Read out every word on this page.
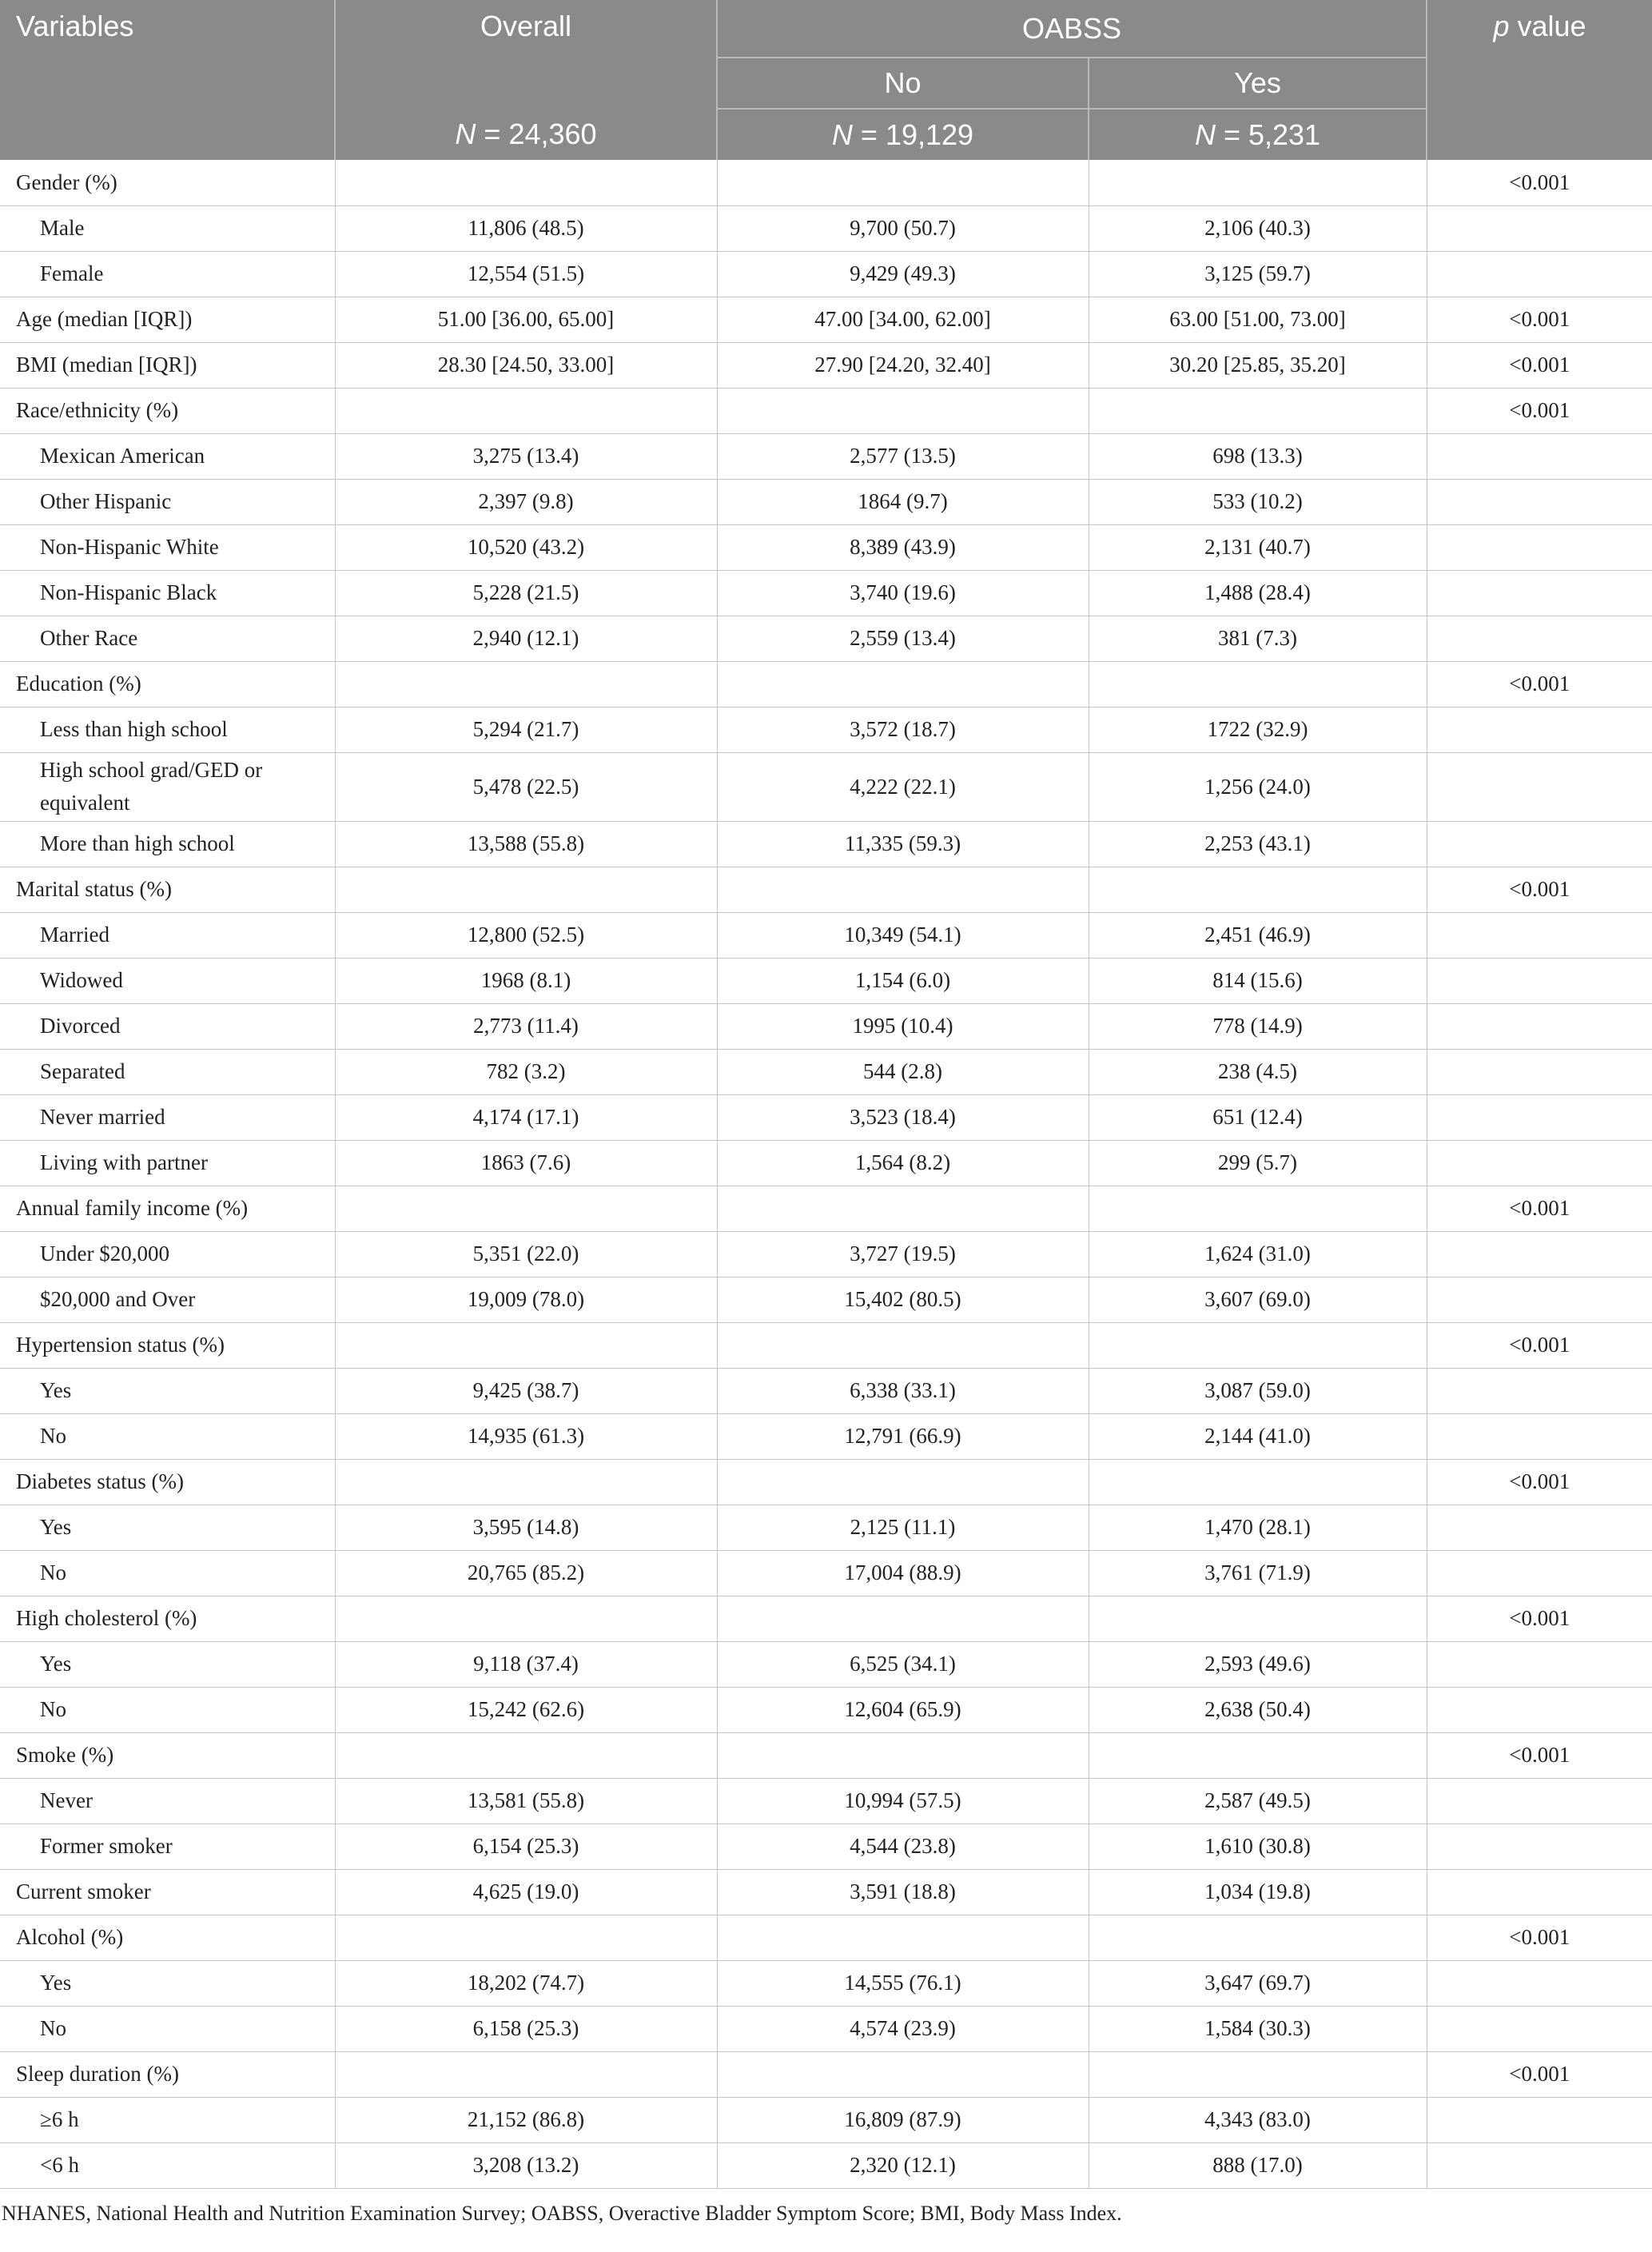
Variables	Overall	OABSS		p value
		No	Yes	
	N = 24,360	N = 19,129	N = 5,231	
Gender (%)				<0.001
Male	11,806 (48.5)	9,700 (50.7)	2,106 (40.3)	
Female	12,554 (51.5)	9,429 (49.3)	3,125 (59.7)	
Age (median [IQR])	51.00 [36.00, 65.00]	47.00 [34.00, 62.00]	63.00 [51.00, 73.00]	<0.001
BMI (median [IQR])	28.30 [24.50, 33.00]	27.90 [24.20, 32.40]	30.20 [25.85, 35.20]	<0.001
Race/ethnicity (%)				<0.001
Mexican American	3,275 (13.4)	2,577 (13.5)	698 (13.3)	
Other Hispanic	2,397 (9.8)	1864 (9.7)	533 (10.2)	
Non-Hispanic White	10,520 (43.2)	8,389 (43.9)	2,131 (40.7)	
Non-Hispanic Black	5,228 (21.5)	3,740 (19.6)	1,488 (28.4)	
Other Race	2,940 (12.1)	2,559 (13.4)	381 (7.3)	
Education (%)				<0.001
Less than high school	5,294 (21.7)	3,572 (18.7)	1722 (32.9)	
High school grad/GED or equivalent	5,478 (22.5)	4,222 (22.1)	1,256 (24.0)	
More than high school	13,588 (55.8)	11,335 (59.3)	2,253 (43.1)	
Marital status (%)				<0.001
Married	12,800 (52.5)	10,349 (54.1)	2,451 (46.9)	
Widowed	1968 (8.1)	1,154 (6.0)	814 (15.6)	
Divorced	2,773 (11.4)	1995 (10.4)	778 (14.9)	
Separated	782 (3.2)	544 (2.8)	238 (4.5)	
Never married	4,174 (17.1)	3,523 (18.4)	651 (12.4)	
Living with partner	1863 (7.6)	1,564 (8.2)	299 (5.7)	
Annual family income (%)				<0.001
Under $20,000	5,351 (22.0)	3,727 (19.5)	1,624 (31.0)	
$20,000 and Over	19,009 (78.0)	15,402 (80.5)	3,607 (69.0)	
Hypertension status (%)				<0.001
Yes	9,425 (38.7)	6,338 (33.1)	3,087 (59.0)	
No	14,935 (61.3)	12,791 (66.9)	2,144 (41.0)	
Diabetes status (%)				<0.001
Yes	3,595 (14.8)	2,125 (11.1)	1,470 (28.1)	
No	20,765 (85.2)	17,004 (88.9)	3,761 (71.9)	
High cholesterol (%)				<0.001
Yes	9,118 (37.4)	6,525 (34.1)	2,593 (49.6)	
No	15,242 (62.6)	12,604 (65.9)	2,638 (50.4)	
Smoke (%)				<0.001
Never	13,581 (55.8)	10,994 (57.5)	2,587 (49.5)	
Former smoker	6,154 (25.3)	4,544 (23.8)	1,610 (30.8)	
Current smoker	4,625 (19.0)	3,591 (18.8)	1,034 (19.8)	
Alcohol (%)				<0.001
Yes	18,202 (74.7)	14,555 (76.1)	3,647 (69.7)	
No	6,158 (25.3)	4,574 (23.9)	1,584 (30.3)	
Sleep duration (%)				<0.001
≥6 h	21,152 (86.8)	16,809 (87.9)	4,343 (83.0)	
<6 h	3,208 (13.2)	2,320 (12.1)	888 (17.0)	
NHANES, National Health and Nutrition Examination Survey; OABSS, Overactive Bladder Symptom Score; BMI, Body Mass Index.
